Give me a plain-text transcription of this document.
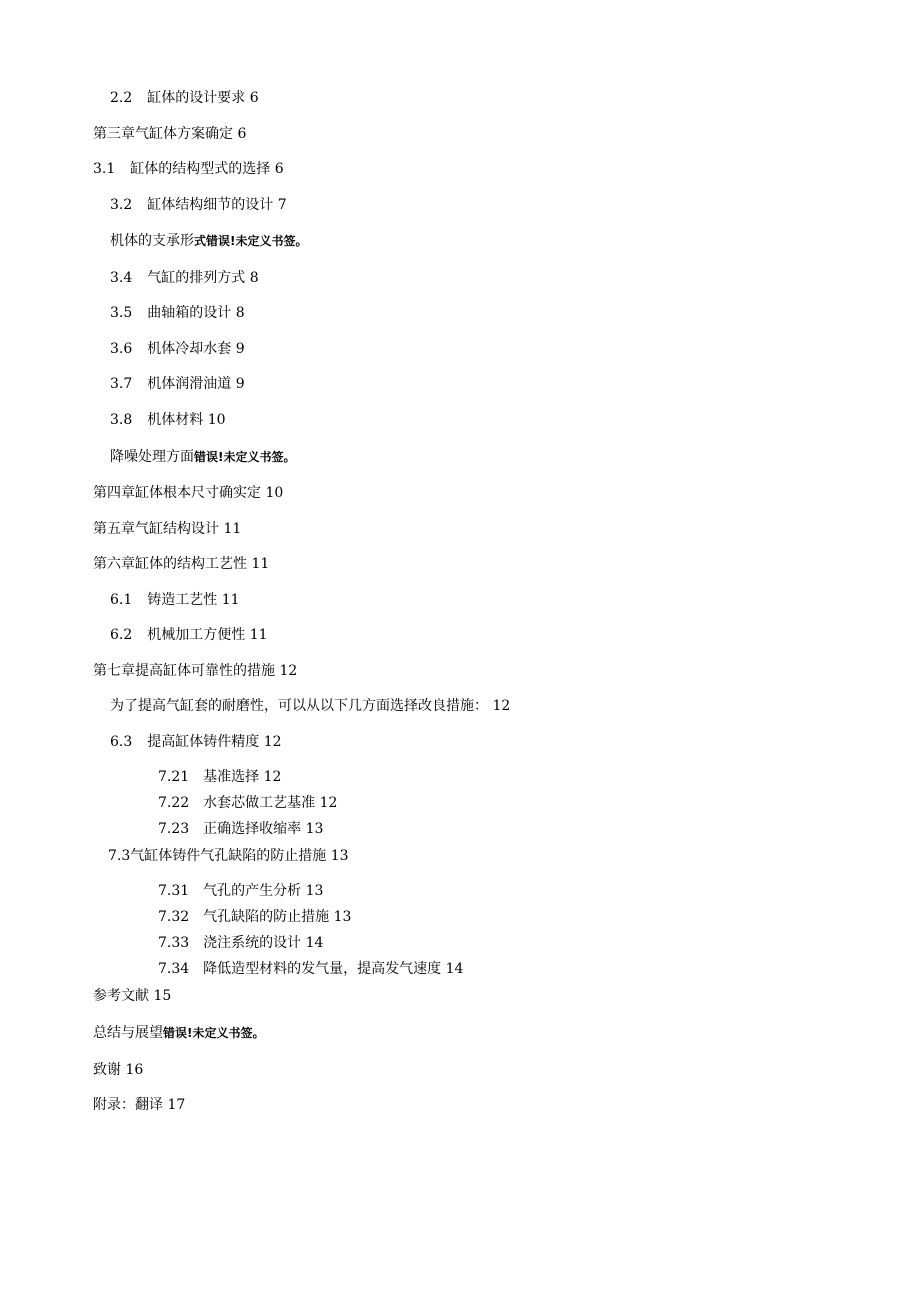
2.2 缸体的设计要求 6
第三章气缸体方案确定 6
3.1 缸体的结构型式的选择 6
3.2 缸体结构细节的设计 7
机体的支承形式错误!未定义书签。
3.4 气缸的排列方式 8
3.5 曲轴箱的设计 8
3.6 机体冷却水套 9
3.7 机体润滑油道 9
3.8 机体材料 10
降噪处理方面错误!未定义书签。
第四章缸体根本尺寸确实定 10
第五章气缸结构设计 11
第六章缸体的结构工艺性 11
6.1 铸造工艺性 11
6.2 机械加工方便性 11
第七章提高缸体可靠性的措施 12
为了提高气缸套的耐磨性，可以从以下几方面选择改良措施： 12
6.3 提高缸体铸件精度 12
7.21 基准选择 12
7.22 水套芯做工艺基准 12
7.23 正确选择收缩率 13
7.3气缸体铸件气孔缺陷的防止措施 13
7.31 气孔的产生分析 13
7.32 气孔缺陷的防止措施 13
7.33 浇注系统的设计 14
7.34 降低造型材料的发气量，提高发气速度 14
参考文献 15
总结与展望错误!未定义书签。
致谢 16
附录：翻译 17
